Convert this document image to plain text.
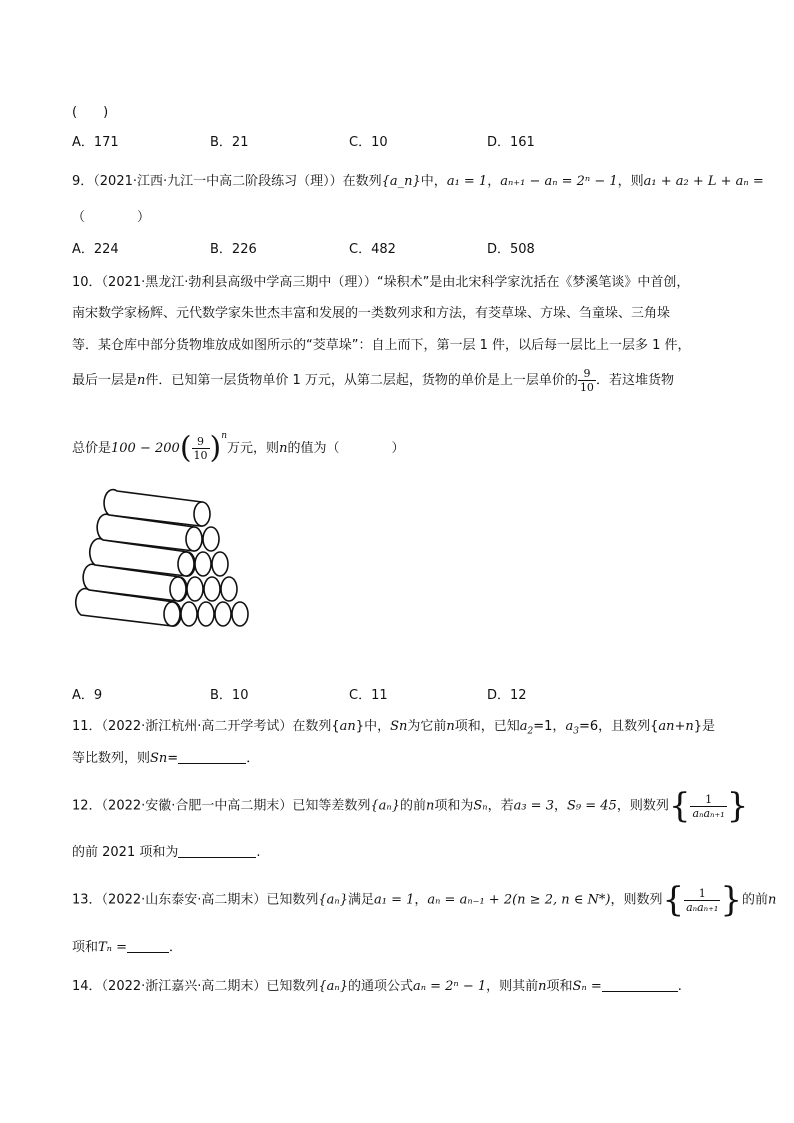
(　　)
A．171	B．21	C．10	D．161
9．（2021·江西·九江一中高二阶段练习（理））在数列{a_n}中，a₁ = 1，aₙ₊₁ − aₙ = 2ⁿ − 1，则a₁ + a₂ + L + aₙ =
（　　　　）
A．224	B．226	C．482	D．508
10．（2021·黑龙江·勃利县高级中学高三期中（理））“垛积术”是由北宋科学家沈括在《梦溪笔谈》中首创，
南宋数学家杨辉、元代数学家朱世杰丰富和发展的一类数列求和方法，有茭草垛、方垛、刍童垛、三角垛
等．某仓库中部分货物堆放成如图所示的“茭草垛”：自上而下，第一层 1 件，以后每一层比上一层多 1 件，
最后一层是n件．已知第一层货物单价 1 万元，从第二层起，货物的单价是上一层单价的 $\frac{9}{10}$ ．若这堆货物
总价是$100 - 200( \frac{9}{10} )^n$万元，则n的值为（　　　　）
A．9	B．10	C．11	D．12
11．（2022·浙江杭州·高二开学考试）在数列{an}中，Sn为它前n项和，已知$a_2=1$，$a_3=6$，且数列{an+n}是
等比数列，则Sn=	．
12．（2022·安徽·合肥一中高二期末）已知等差数列{aₙ}的前n项和为Sₙ，若a₃ = 3，S₉ = 45，则数列{ $\frac{1}{\text{aₙaₙ₊₁}}$ }
的前 2021 项和为	.
13．（2022·山东泰安·高二期末）已知数列{aₙ}满足a₁ = 1，aₙ = aₙ₋₁ + 2(n ≥ 2, n ∈ N*)，则数列{ $\frac{1}{\text{aₙaₙ₊₁}}$ }的前n
项和Tₙ =	．
14．（2022·浙江嘉兴·高二期末）已知数列{aₙ}的通项公式aₙ = 2ⁿ − 1，则其前n项和Sₙ =	.
